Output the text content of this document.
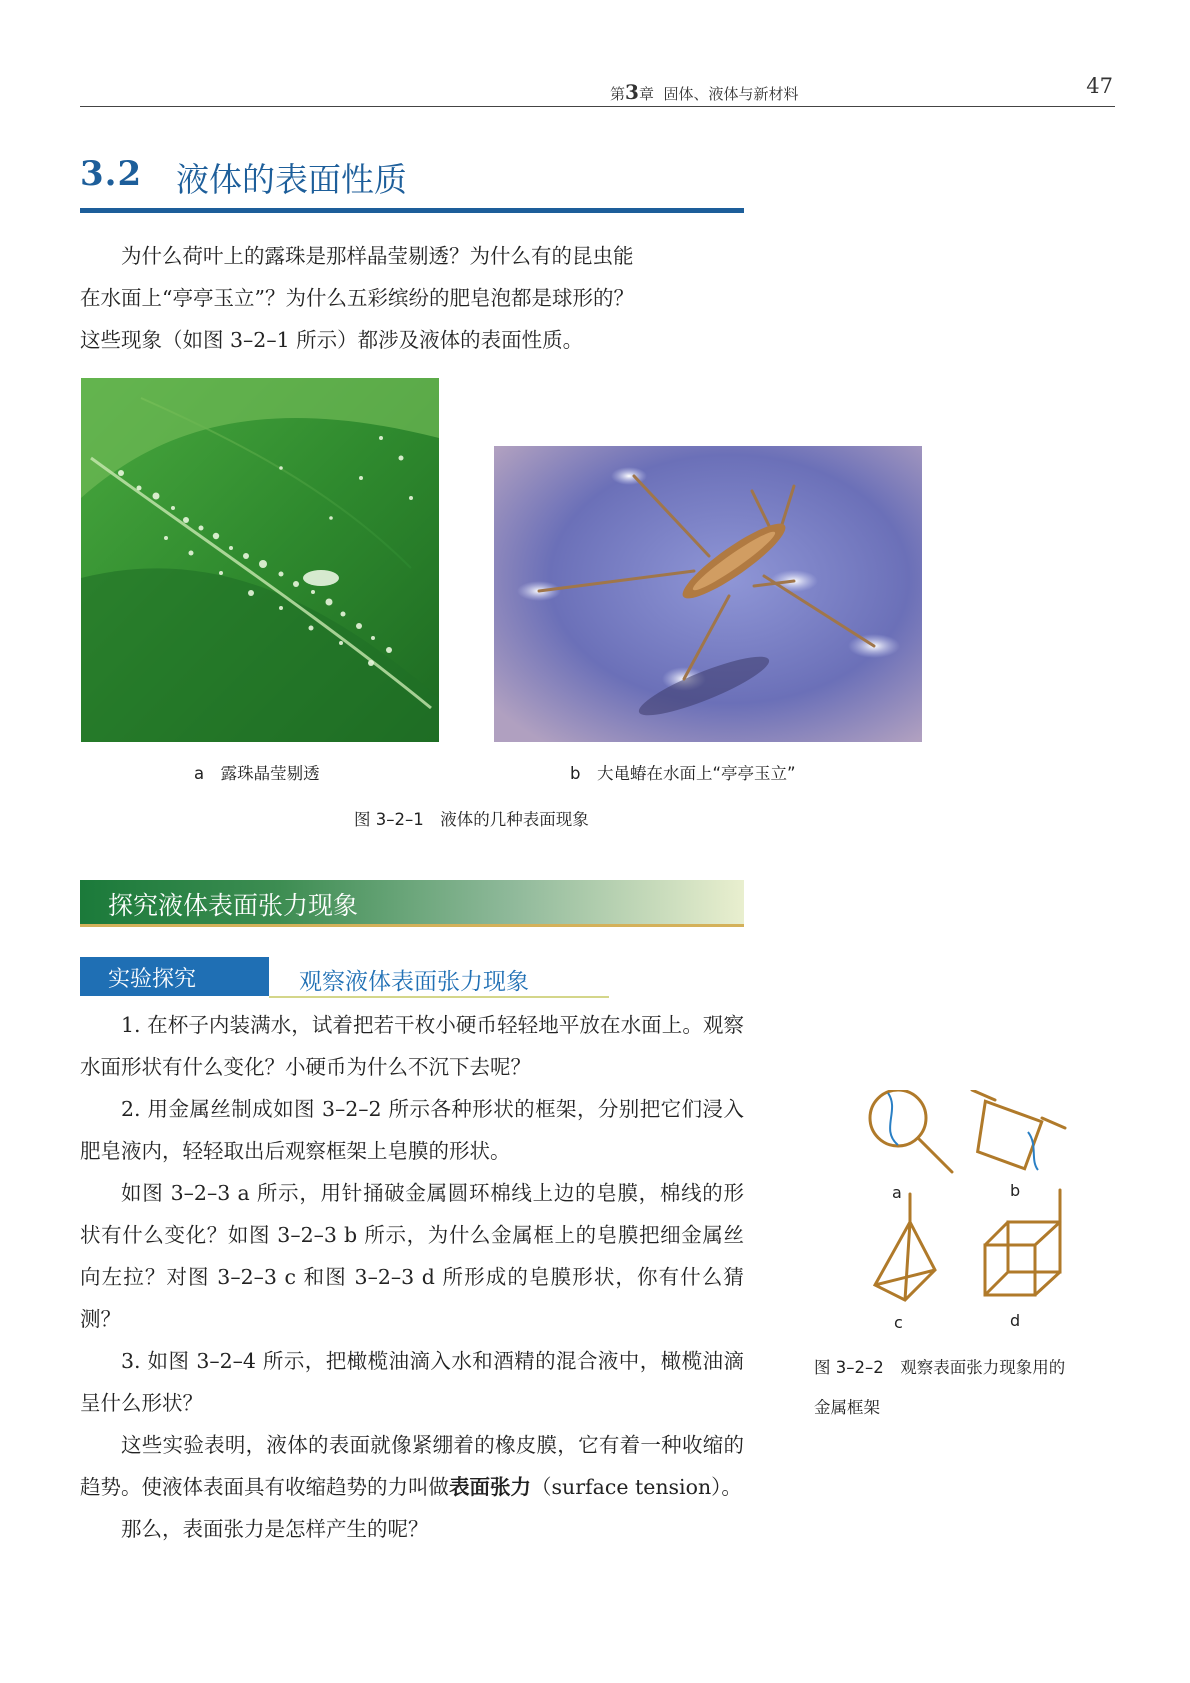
第3章 固体、液体与新材料	47
3.2 液体的表面性质
为什么荷叶上的露珠是那样晶莹剔透？为什么有的昆虫能
在水面上“亭亭玉立”？为什么五彩缤纷的肥皂泡都是球形的？
这些现象（如图 3–2–1 所示）都涉及液体的表面性质。
a　露珠晶莹剔透	b　大黾蝽在水面上“亭亭玉立”
图 3–2–1　液体的几种表面现象
探究液体表面张力现象
实验探究	观察液体表面张力现象

1. 在杯子内装满水，试着把若干枚小硬币轻轻地平放在水面上。观察水面形状有什么变化？小硬币为什么不沉下去呢？

2. 用金属丝制成如图 3–2–2 所示各种形状的框架，分别把它们浸入肥皂液内，轻轻取出后观察框架上皂膜的形状。

如图 3–2–3 a 所示，用针捅破金属圆环棉线上边的皂膜，棉线的形状有什么变化？如图 3–2–3 b 所示，为什么金属框上的皂膜把细金属丝向左拉？对图 3–2–3 c 和图 3–2–3 d 所形成的皂膜形状，你有什么猜测？

3. 如图 3–2–4 所示，把橄榄油滴入水和酒精的混合液中，橄榄油滴呈什么形状？

这些实验表明，液体的表面就像紧绷着的橡皮膜，它有着一种收缩的趋势。使液体表面具有收缩趋势的力叫做表面张力（surface tension）。

那么，表面张力是怎样产生的呢？

a	b
c	d
图 3–2–2　观察表面张力现象用的
金属框架
